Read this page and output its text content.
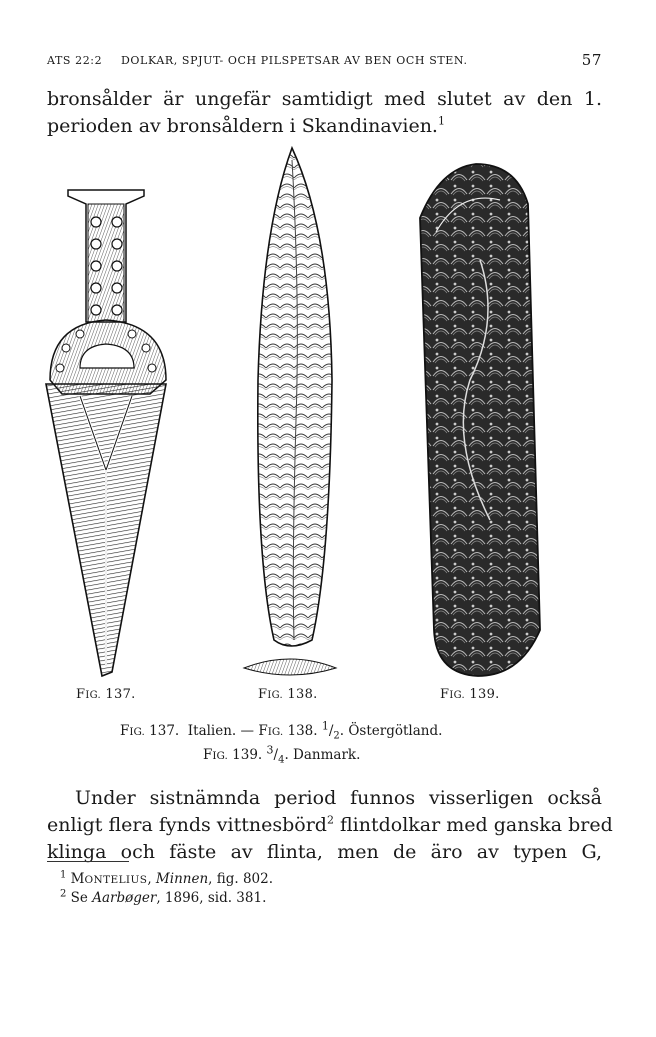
ATS 22:2 DOLKAR, SPJUT- OCH PILSPETSAR AV BEN OCH STEN.	57

bronsålder är ungefär samtidigt med slutet av den 1.
perioden av bronsåldern i Skandinavien.$^1$

FIG. 137.	FIG. 138.	FIG. 139.
FIG. 137.  Italien. — FIG. 138. $^1/_2$. Östergötland.
FIG. 139. $^3/_4$. Danmark.

Under sistnämnda period funnos visserligen också
enligt flera fynds vittnesbörd$^2$ flintdolkar med ganska bred
klinga och fäste av flinta, men de äro av typen G,

$^1$ MONTELIUS, Minnen, fig. 802.
$^2$ Se Aarbøger, 1896, sid. 381.
